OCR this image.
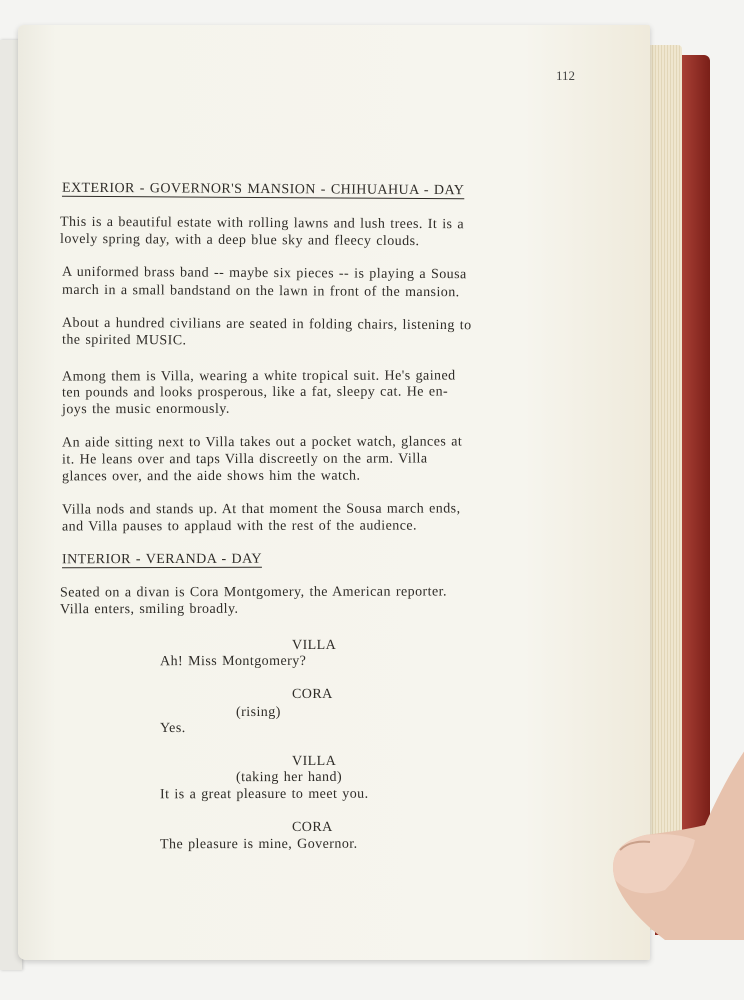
112
EXTERIOR - GOVERNOR'S MANSION - CHIHUAHUA - DAY
This is a beautiful estate with rolling lawns and lush trees. It is a
lovely spring day, with a deep blue sky and fleecy clouds.
A uniformed brass band -- maybe six pieces -- is playing a Sousa
march in a small bandstand on the lawn in front of the mansion.
About a hundred civilians are seated in folding chairs, listening to
the spirited MUSIC.
Among them is Villa, wearing a white tropical suit. He's gained
ten pounds and looks prosperous, like a fat, sleepy cat. He en-
joys the music enormously.
An aide sitting next to Villa takes out a pocket watch, glances at
it. He leans over and taps Villa discreetly on the arm. Villa
glances over, and the aide shows him the watch.
Villa nods and stands up. At that moment the Sousa march ends,
and Villa pauses to applaud with the rest of the audience.
INTERIOR - VERANDA - DAY
Seated on a divan is Cora Montgomery, the American reporter.
Villa enters, smiling broadly.
VILLA
Ah! Miss Montgomery?
CORA
(rising)
Yes.
VILLA
(taking her hand)
It is a great pleasure to meet you.
CORA
The pleasure is mine, Governor.
